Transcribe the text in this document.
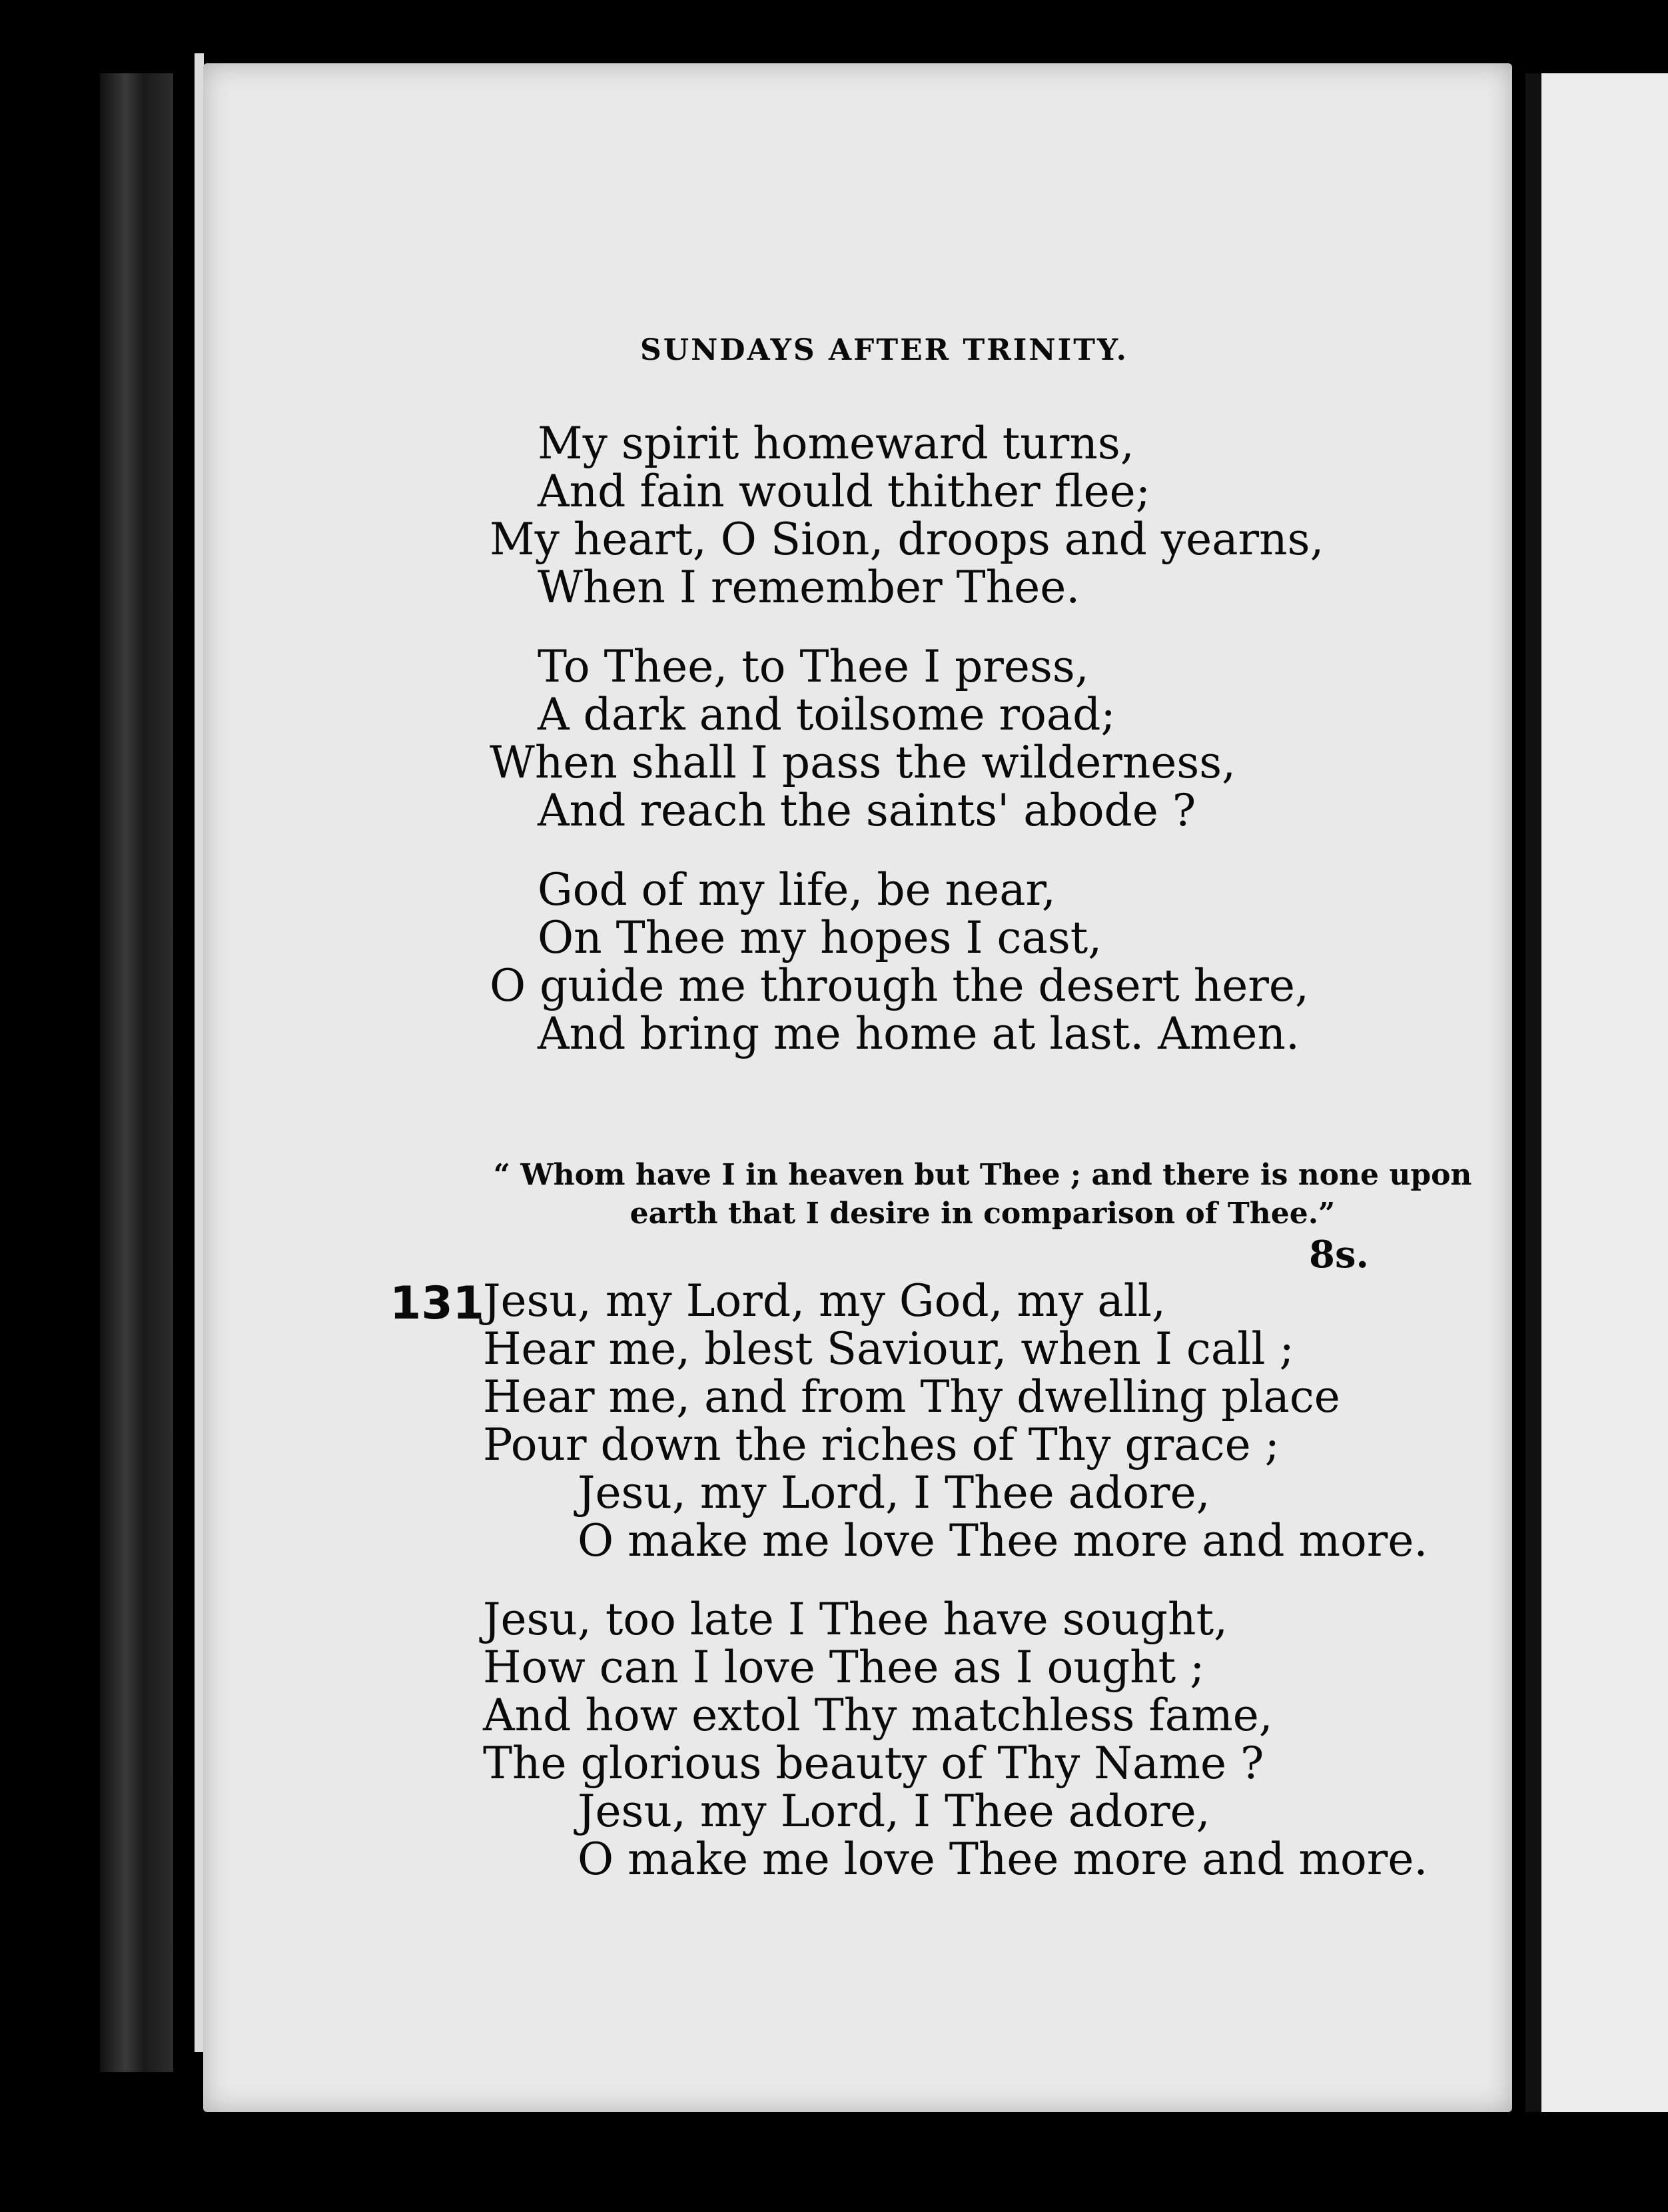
SUNDAYS AFTER TRINITY.
My spirit homeward turns,
And fain would thither flee;
My heart, O Sion, droops and yearns,
When I remember Thee.
To Thee, to Thee I press,
A dark and toilsome road;
When shall I pass the wilderness,
And reach the saints' abode ?
God of my life, be near,
On Thee my hopes I cast,
O guide me through the desert here,
And bring me home at last. Amen.
“ Whom have I in heaven but Thee ; and there is none upon
earth that I desire in comparison of Thee.”
8s.
131
Jesu, my Lord, my God, my all,
Hear me, blest Saviour, when I call ;
Hear me, and from Thy dwelling place
Pour down the riches of Thy grace ;
Jesu, my Lord, I Thee adore,
O make me love Thee more and more.
Jesu, too late I Thee have sought,
How can I love Thee as I ought ;
And how extol Thy matchless fame,
The glorious beauty of Thy Name ?
Jesu, my Lord, I Thee adore,
O make me love Thee more and more.
